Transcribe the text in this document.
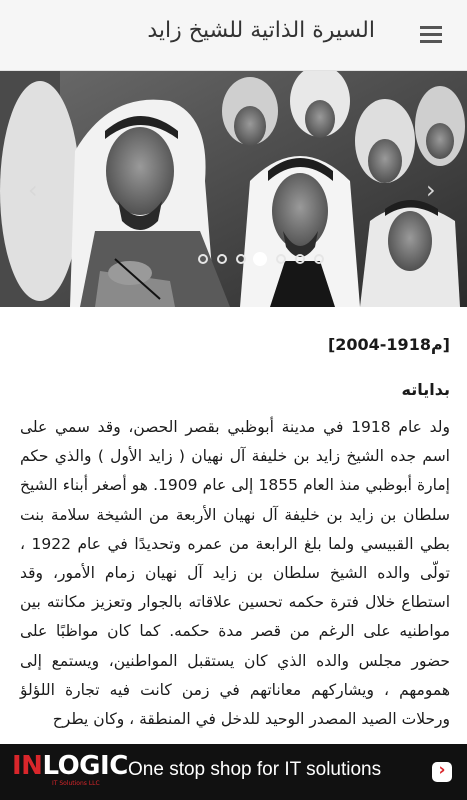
السيرة الذاتية للشيخ زايد
‹	›
[م1918-2004]
بداياته
ولد عام 1918 في مدينة أبوظبي بقصر الحصن، وقد سمي على اسم جده الشيخ زايد بن خليفة آل نهيان ( زايد الأول ) والذي حكم إمارة أبوظبي منذ العام 1855 إلى عام 1909. هو أصغر أبناء الشيخ سلطان بن زايد بن خليفة آل نهيان الأربعة من الشيخة سلامة بنت بطي القبيسي ولما بلغ الرابعة من عمره وتحديدًا في عام 1922 ، تولّى والده الشيخ سلطان بن زايد آل نهيان زمام الأمور، وقد استطاع خلال فترة حكمه تحسين علاقاته بالجوار وتعزيز مكانته بين مواطنيه على الرغم من قصر مدة حكمه. كما كان مواظبًا على حضور مجلس والده الذي كان يستقبل المواطنين، ويستمع إلى همومهم ، ويشاركهم معاناتهم في زمن كانت فيه تجارة اللؤلؤ ورحلات الصيد المصدر الوحيد للدخل في المنطقة ، وكان يطرح
INLOGIC
IT Solutions LLC
One stop shop for IT solutions	›
